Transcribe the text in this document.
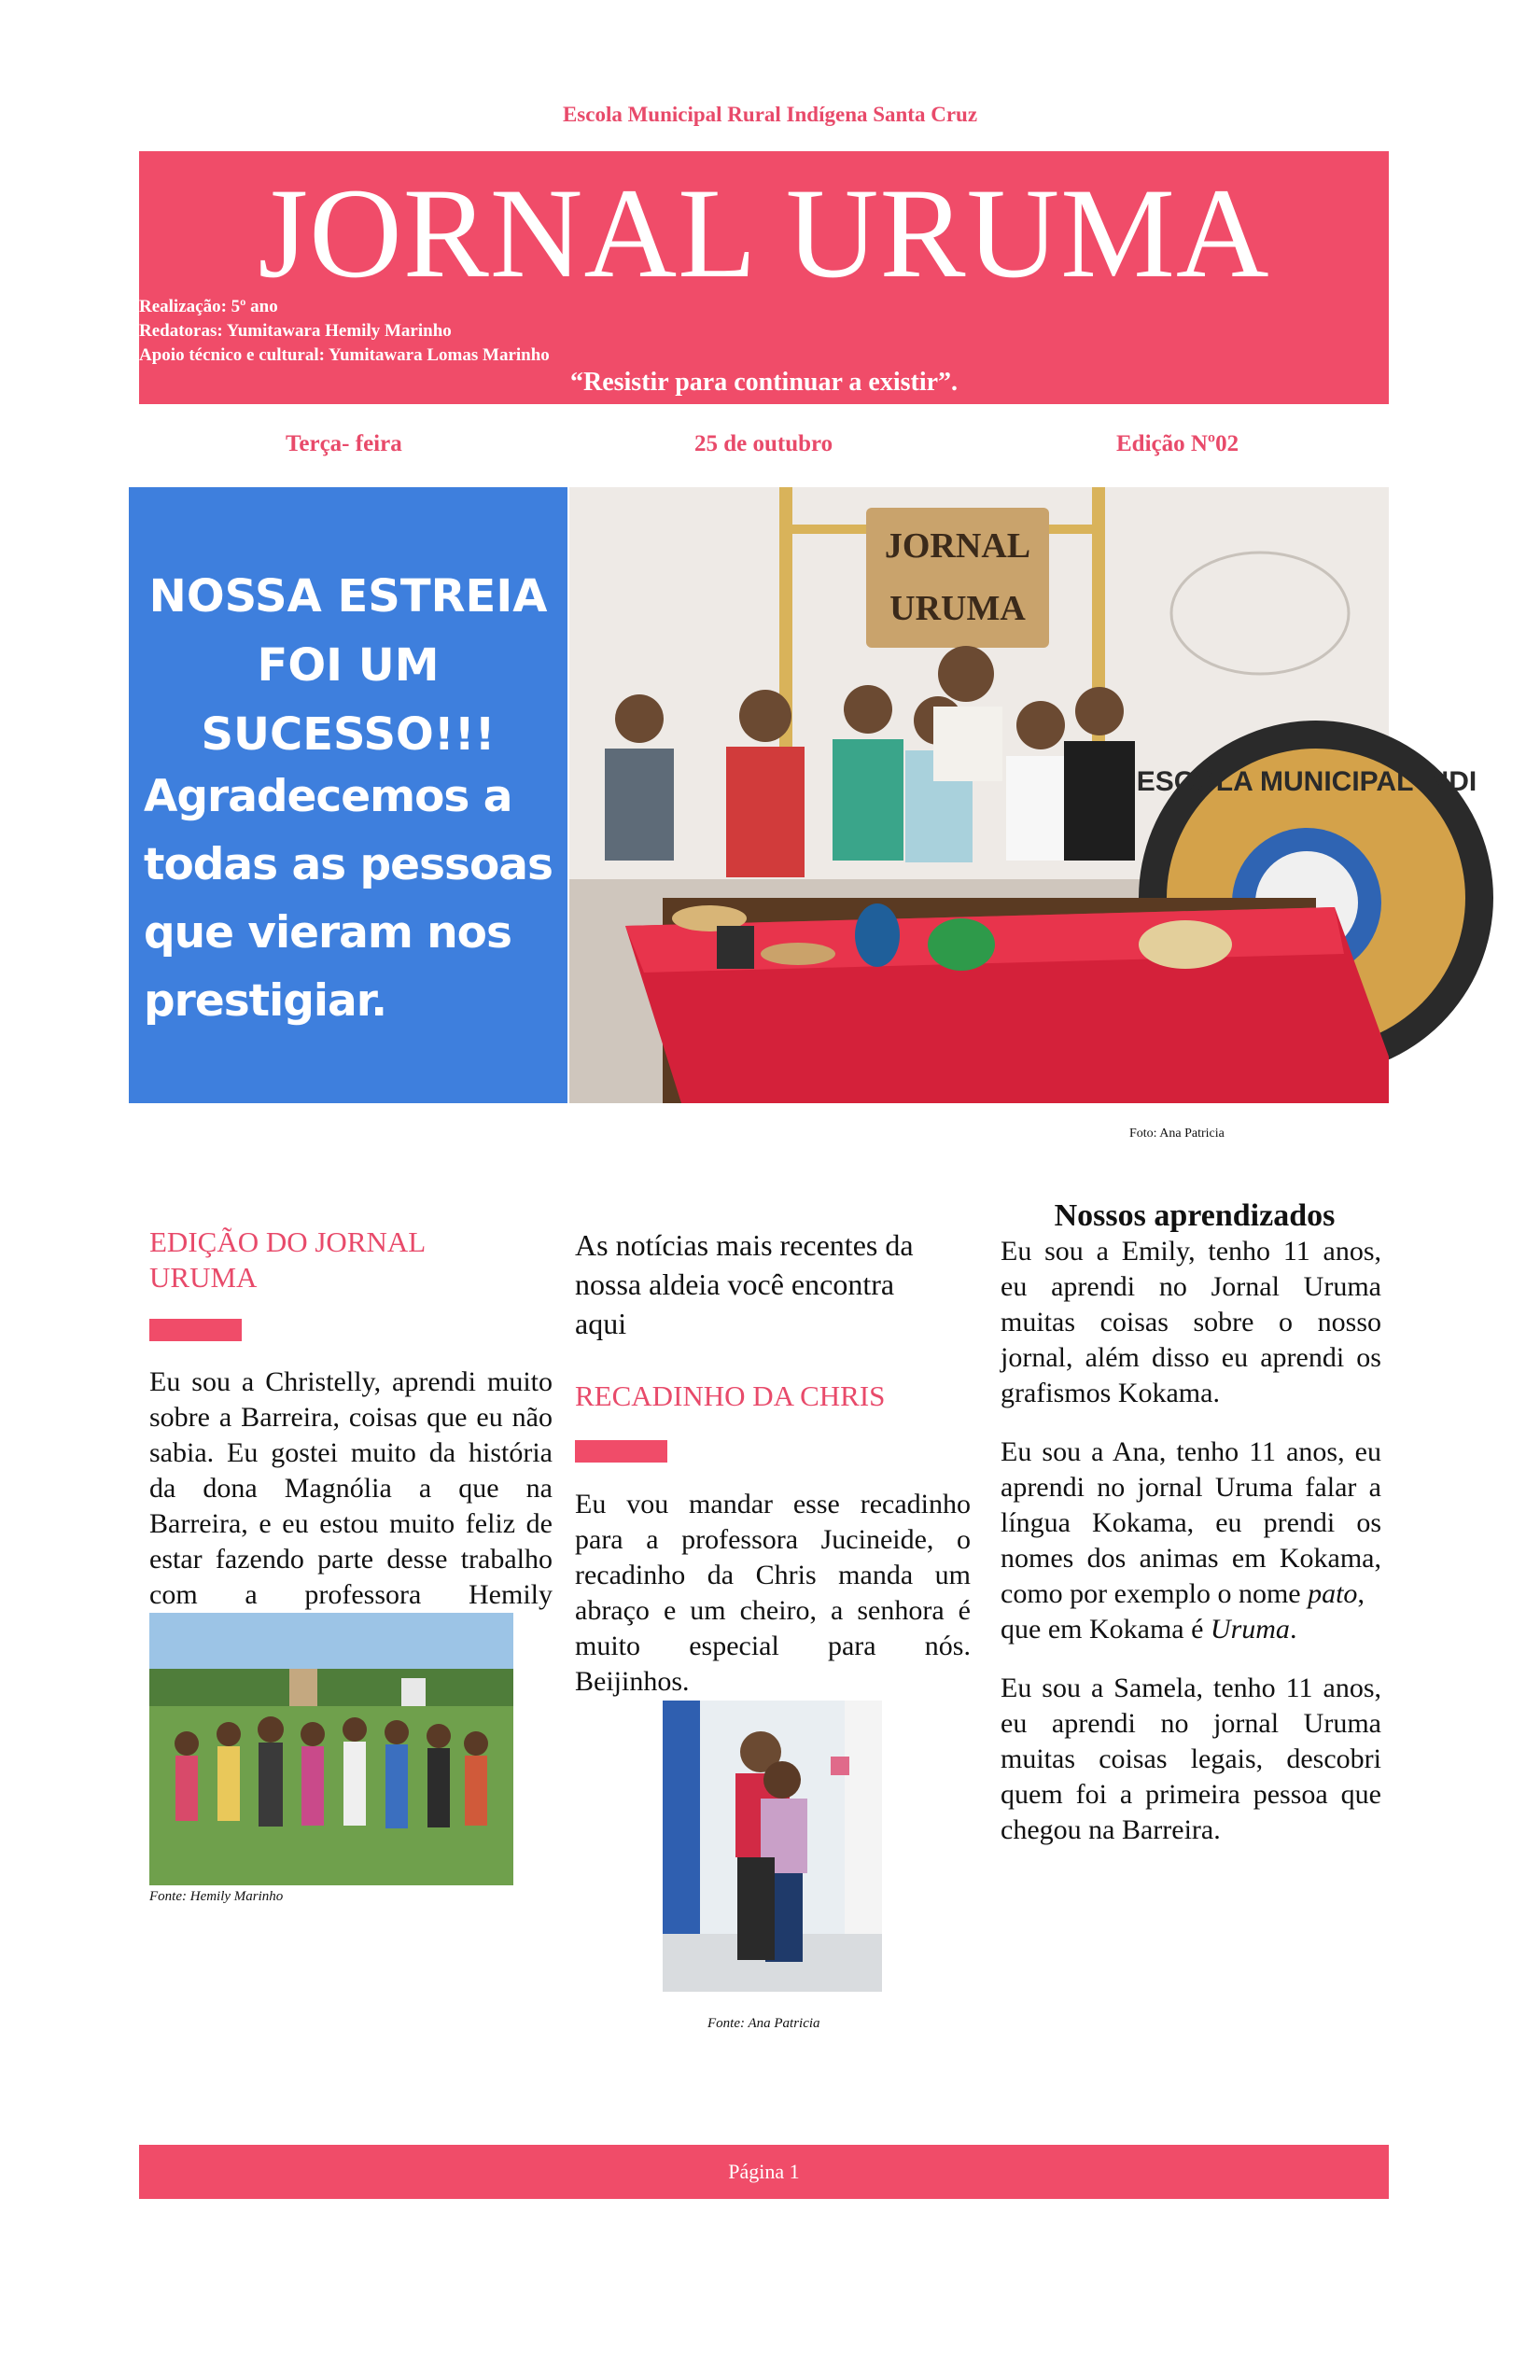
Escola Municipal Rural Indígena Santa Cruz
JORNAL URUMA
Realização: 5º ano
Redatoras: Yumitawara Hemily Marinho
Apoio técnico e cultural: Yumitawara Lomas Marinho
“Resistir para continuar a existir”.
Terça- feira	25 de outubro	Edição Nº02
NOSSA ESTREIA
FOI UM
SUCESSO!!!
Agradecemos a
todas as pessoas
que vieram nos
prestigiar.
JORNAL
URUMA
ESCOLA MUNICIPAL INDI
Foto: Ana Patricia
EDIÇÃO DO JORNAL
URUMA
Eu sou a Christelly, aprendi muito
sobre a Barreira, coisas que eu não
sabia. Eu gostei muito da história
da dona Magnólia a que na
Barreira, e eu estou muito feliz de
estar fazendo parte desse trabalho
com a professora Hemily
Fonte: Hemily Marinho
As notícias mais recentes da
nossa aldeia você encontra
aqui
RECADINHO DA CHRIS
Eu vou mandar esse recadinho
para a professora Jucineide, o
recadinho da Chris manda um
abraço e um cheiro, a senhora é
muito especial para nós.
Beijinhos.
Fonte: Ana Patricia
Nossos aprendizados
Eu sou a Emily, tenho 11 anos,
eu aprendi no Jornal Uruma
muitas coisas sobre o nosso
jornal, além disso eu aprendi os
grafismos Kokama.
Eu sou a Ana, tenho 11 anos, eu
aprendi no jornal Uruma falar a
língua Kokama, eu prendi os
nomes dos animas em Kokama,
como por exemplo o nome pato,
que em Kokama é Uruma.
Eu sou a Samela, tenho 11 anos,
eu aprendi no jornal Uruma
muitas coisas legais, descobri
quem foi a primeira pessoa que
chegou na Barreira.
Página 1
